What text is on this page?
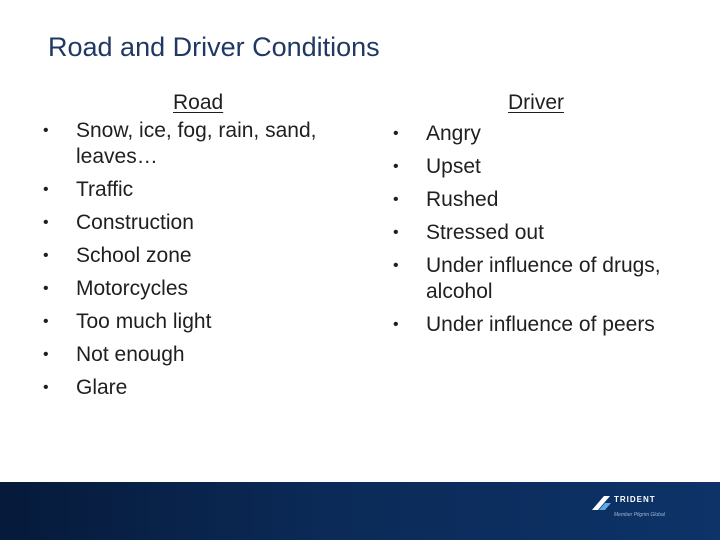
Road and Driver Conditions
Road
• Snow, ice, fog, rain, sand, leaves…
• Traffic
• Construction
• School zone
• Motorcycles
• Too much light
• Not enough
• Glare
Driver
• Angry
• Upset
• Rushed
• Stressed out
• Under influence of drugs, alcohol
• Under influence of peers
TRIDENT
Member Pilgrim Global
